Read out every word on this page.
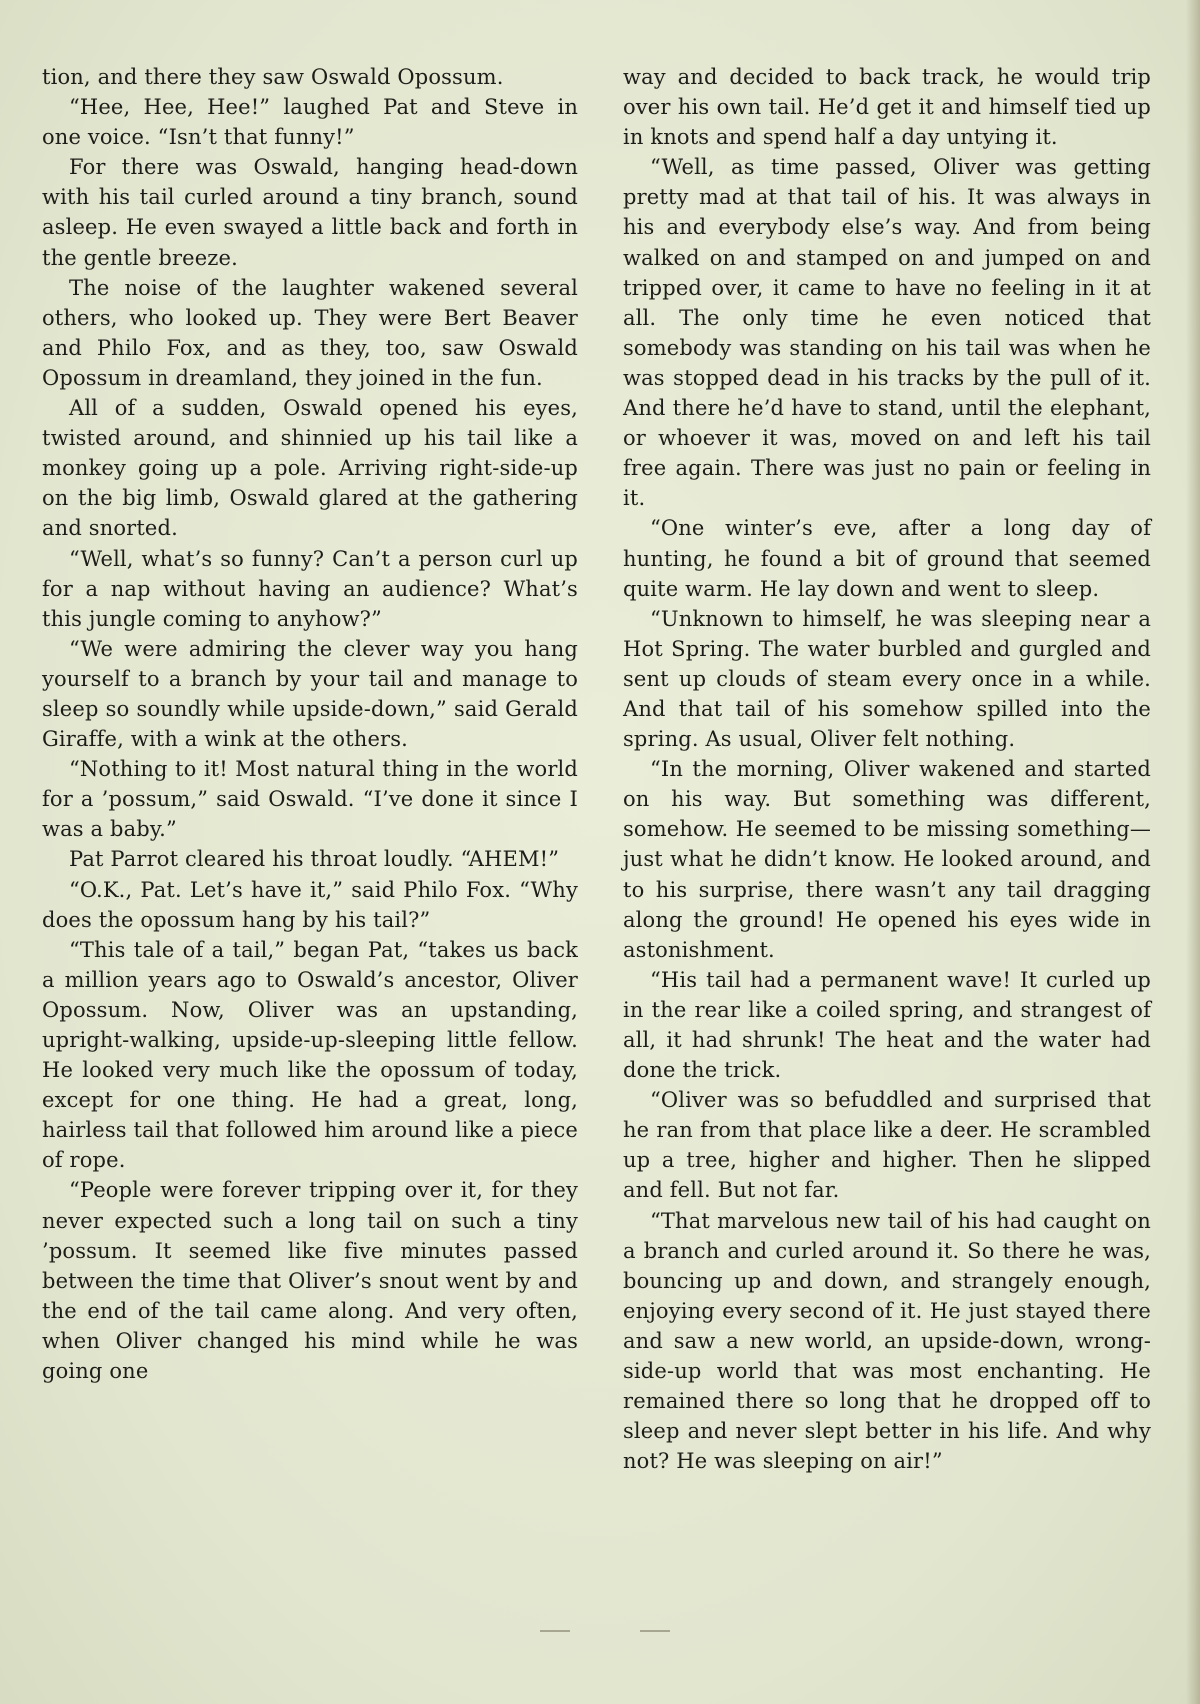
tion, and there they saw Oswald Opossum.

“Hee, Hee, Hee!” laughed Pat and Steve in one voice. “Isn’t that funny!”

For there was Oswald, hanging head-down with his tail curled around a tiny branch, sound asleep. He even swayed a little back and forth in the gentle breeze.

The noise of the laughter wakened several others, who looked up. They were Bert Beaver and Philo Fox, and as they, too, saw Oswald Opossum in dreamland, they joined in the fun.

All of a sudden, Oswald opened his eyes, twisted around, and shinnied up his tail like a monkey going up a pole. Arriving right-side-up on the big limb, Oswald glared at the gathering and snorted.

“Well, what’s so funny? Can’t a person curl up for a nap without having an audience? What’s this jungle coming to anyhow?”

“We were admiring the clever way you hang yourself to a branch by your tail and manage to sleep so soundly while upside-down,” said Gerald Giraffe, with a wink at the others.

“Nothing to it! Most natural thing in the world for a ’possum,” said Oswald. “I’ve done it since I was a baby.”

Pat Parrot cleared his throat loudly. “AHEM!”

“O.K., Pat. Let’s have it,” said Philo Fox. “Why does the opossum hang by his tail?”

“This tale of a tail,” began Pat, “takes us back a million years ago to Oswald’s ancestor, Oliver Opossum. Now, Oliver was an upstanding, upright-walking, upside-up-sleeping little fellow. He looked very much like the opossum of today, except for one thing. He had a great, long, hairless tail that followed him around like a piece of rope.

“People were forever tripping over it, for they never expected such a long tail on such a tiny ’possum. It seemed like five minutes passed between the time that Oliver’s snout went by and the end of the tail came along. And very often, when Oliver changed his mind while he was going one

way and decided to back track, he would trip over his own tail. He’d get it and himself tied up in knots and spend half a day untying it.

“Well, as time passed, Oliver was getting pretty mad at that tail of his. It was always in his and everybody else’s way. And from being walked on and stamped on and jumped on and tripped over, it came to have no feeling in it at all. The only time he even noticed that somebody was standing on his tail was when he was stopped dead in his tracks by the pull of it. And there he’d have to stand, until the elephant, or whoever it was, moved on and left his tail free again. There was just no pain or feeling in it.

“One winter’s eve, after a long day of hunting, he found a bit of ground that seemed quite warm. He lay down and went to sleep.

“Unknown to himself, he was sleeping near a Hot Spring. The water burbled and gurgled and sent up clouds of steam every once in a while. And that tail of his somehow spilled into the spring. As usual, Oliver felt nothing.

“In the morning, Oliver wakened and started on his way. But something was different, somehow. He seemed to be missing something—just what he didn’t know. He looked around, and to his surprise, there wasn’t any tail dragging along the ground! He opened his eyes wide in astonishment.

“His tail had a permanent wave! It curled up in the rear like a coiled spring, and strangest of all, it had shrunk! The heat and the water had done the trick.

“Oliver was so befuddled and surprised that he ran from that place like a deer. He scrambled up a tree, higher and higher. Then he slipped and fell. But not far.

“That marvelous new tail of his had caught on a branch and curled around it. So there he was, bouncing up and down, and strangely enough, enjoying every second of it. He just stayed there and saw a new world, an upside-down, wrong-side-up world that was most enchanting. He remained there so long that he dropped off to sleep and never slept better in his life. And why not? He was sleeping on air!”
